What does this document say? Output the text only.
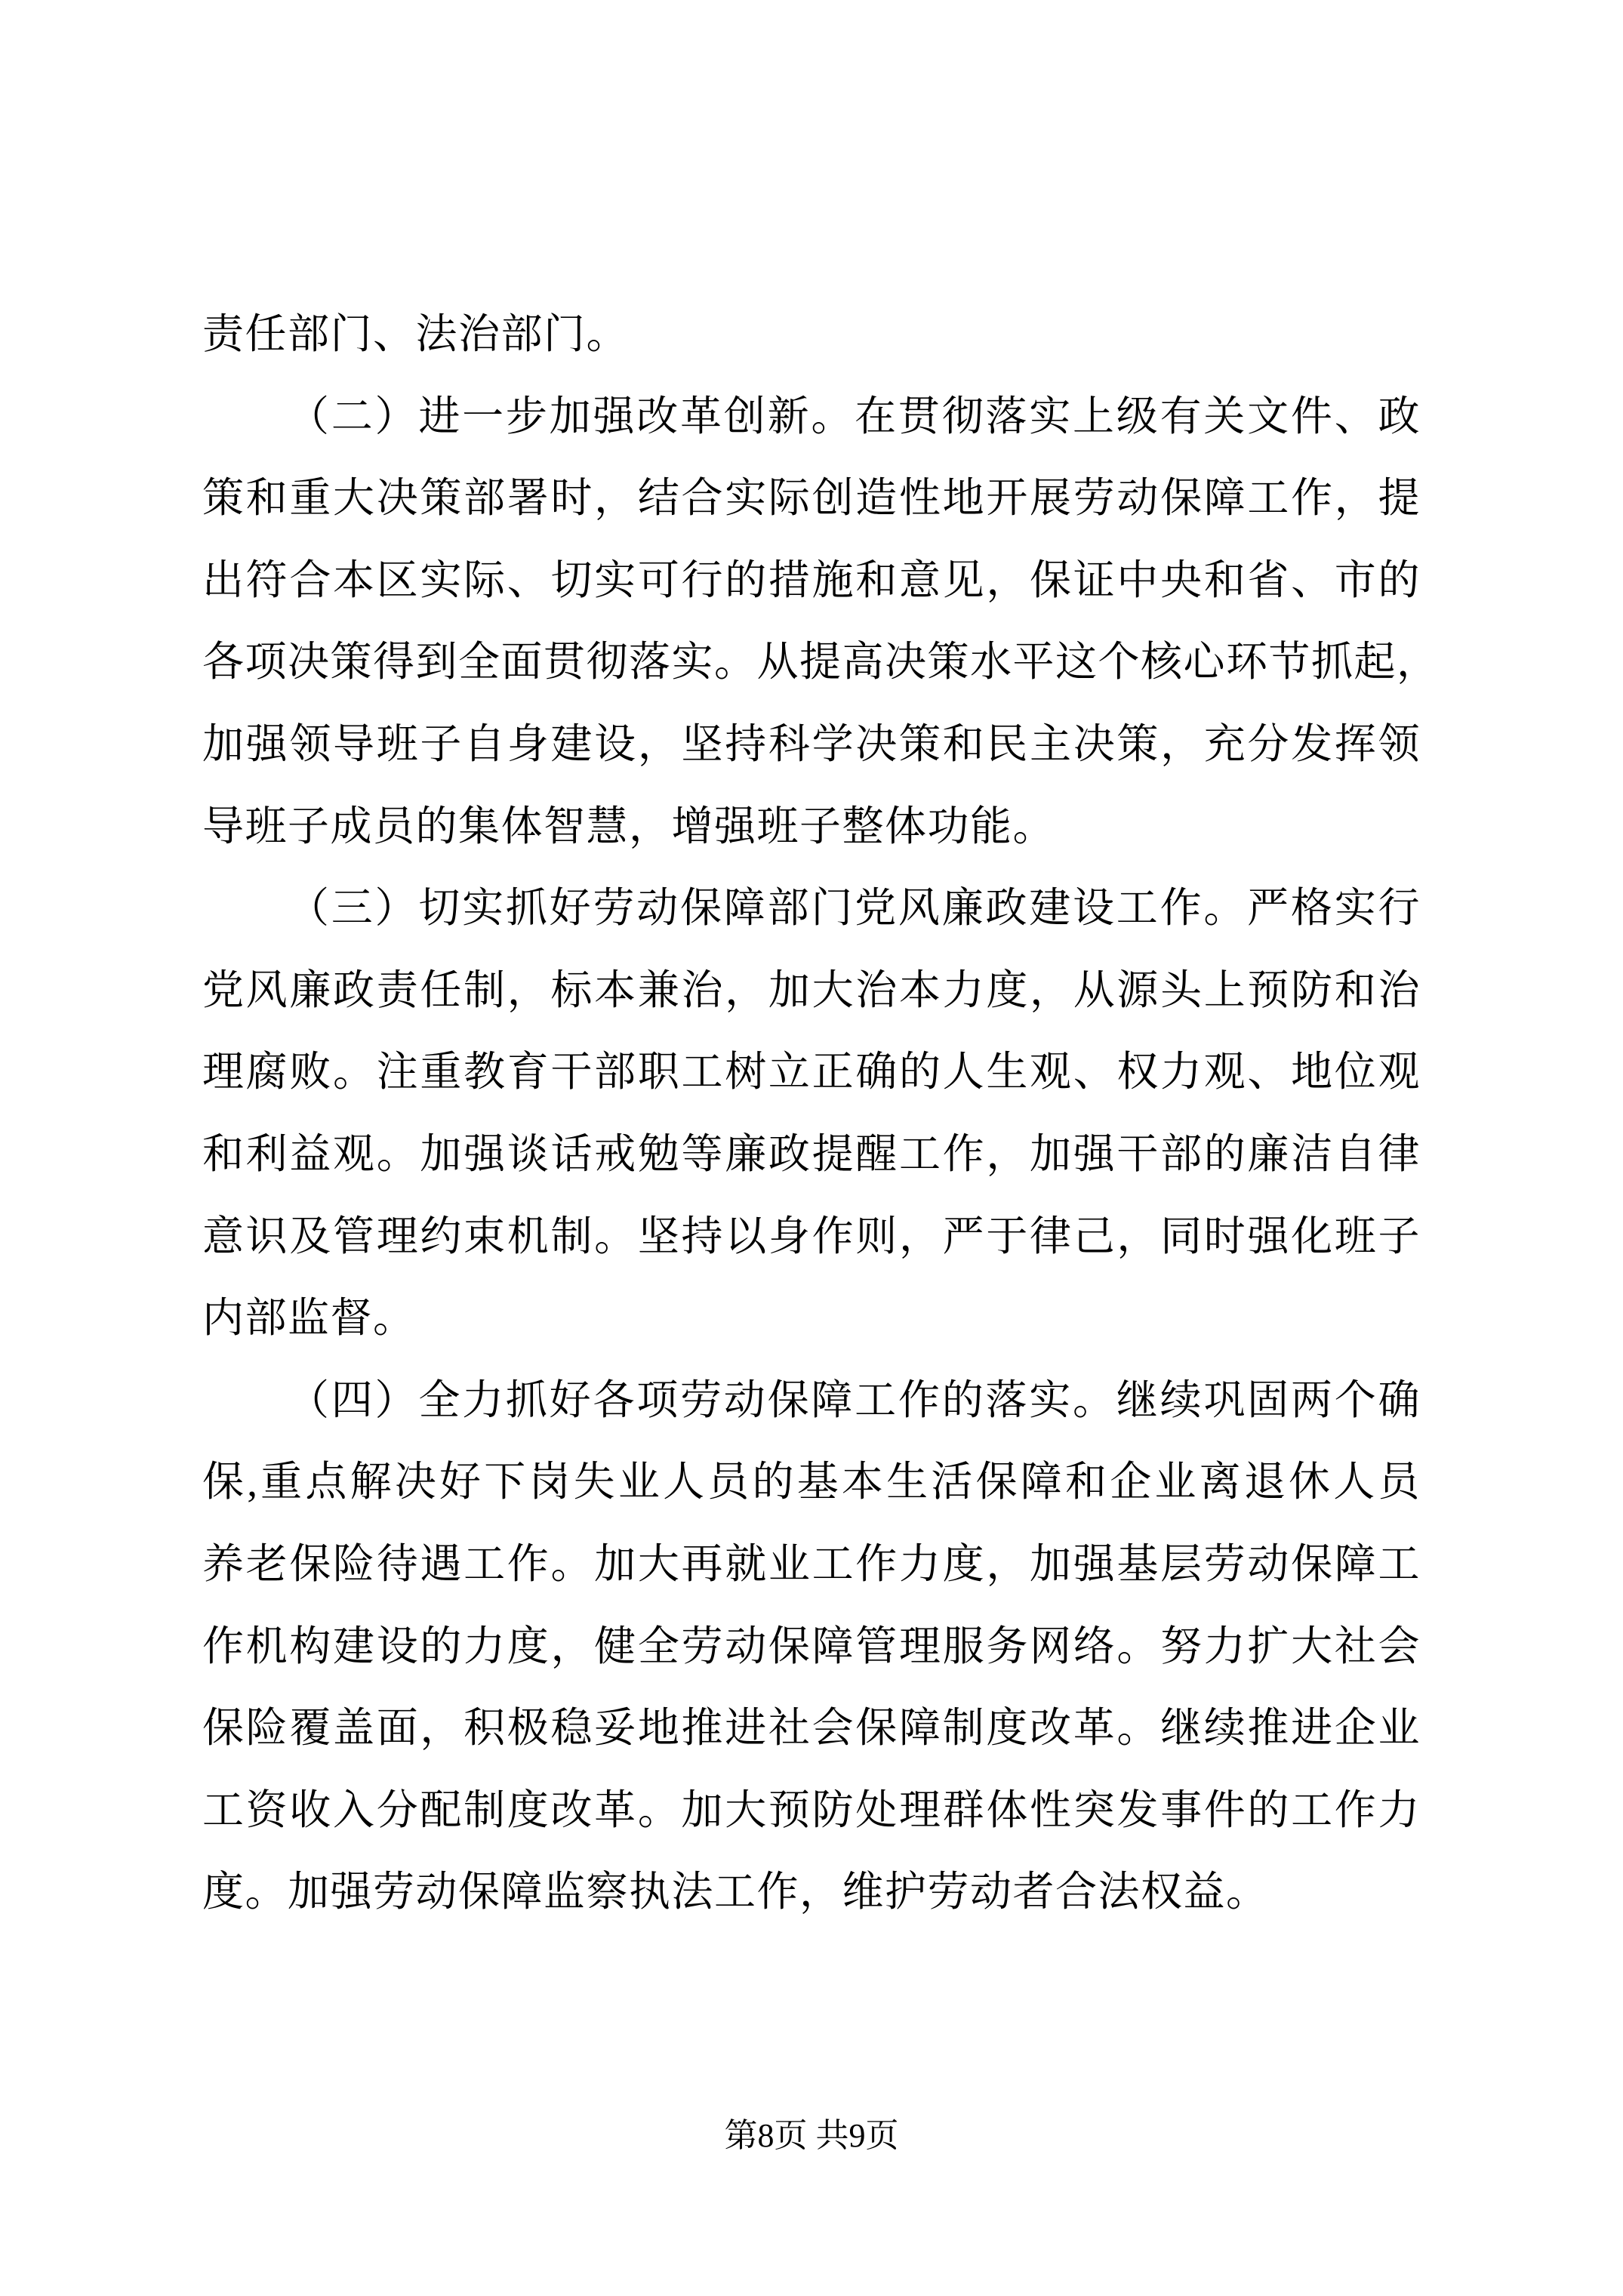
责任部门、法治部门。
（二）进一步加强改革创新。在贯彻落实上级有关文件、政
策和重大决策部署时，结合实际创造性地开展劳动保障工作，提
出符合本区实际、切实可行的措施和意见，保证中央和省、市的
各项决策得到全面贯彻落实。从提高决策水平这个核心环节抓起，
加强领导班子自身建设，坚持科学决策和民主决策，充分发挥领
导班子成员的集体智慧，增强班子整体功能。
（三）切实抓好劳动保障部门党风廉政建设工作。严格实行
党风廉政责任制，标本兼治，加大治本力度，从源头上预防和治
理腐败。注重教育干部职工树立正确的人生观、权力观、地位观
和利益观。加强谈话戒勉等廉政提醒工作，加强干部的廉洁自律
意识及管理约束机制。坚持以身作则，严于律己，同时强化班子
内部监督。
（四）全力抓好各项劳动保障工作的落实。继续巩固两个确
保,重点解决好下岗失业人员的基本生活保障和企业离退休人员
养老保险待遇工作。加大再就业工作力度，加强基层劳动保障工
作机构建设的力度，健全劳动保障管理服务网络。努力扩大社会
保险覆盖面，积极稳妥地推进社会保障制度改革。继续推进企业
工资收入分配制度改革。加大预防处理群体性突发事件的工作力
度。加强劳动保障监察执法工作，维护劳动者合法权益。
第8页 共9页
